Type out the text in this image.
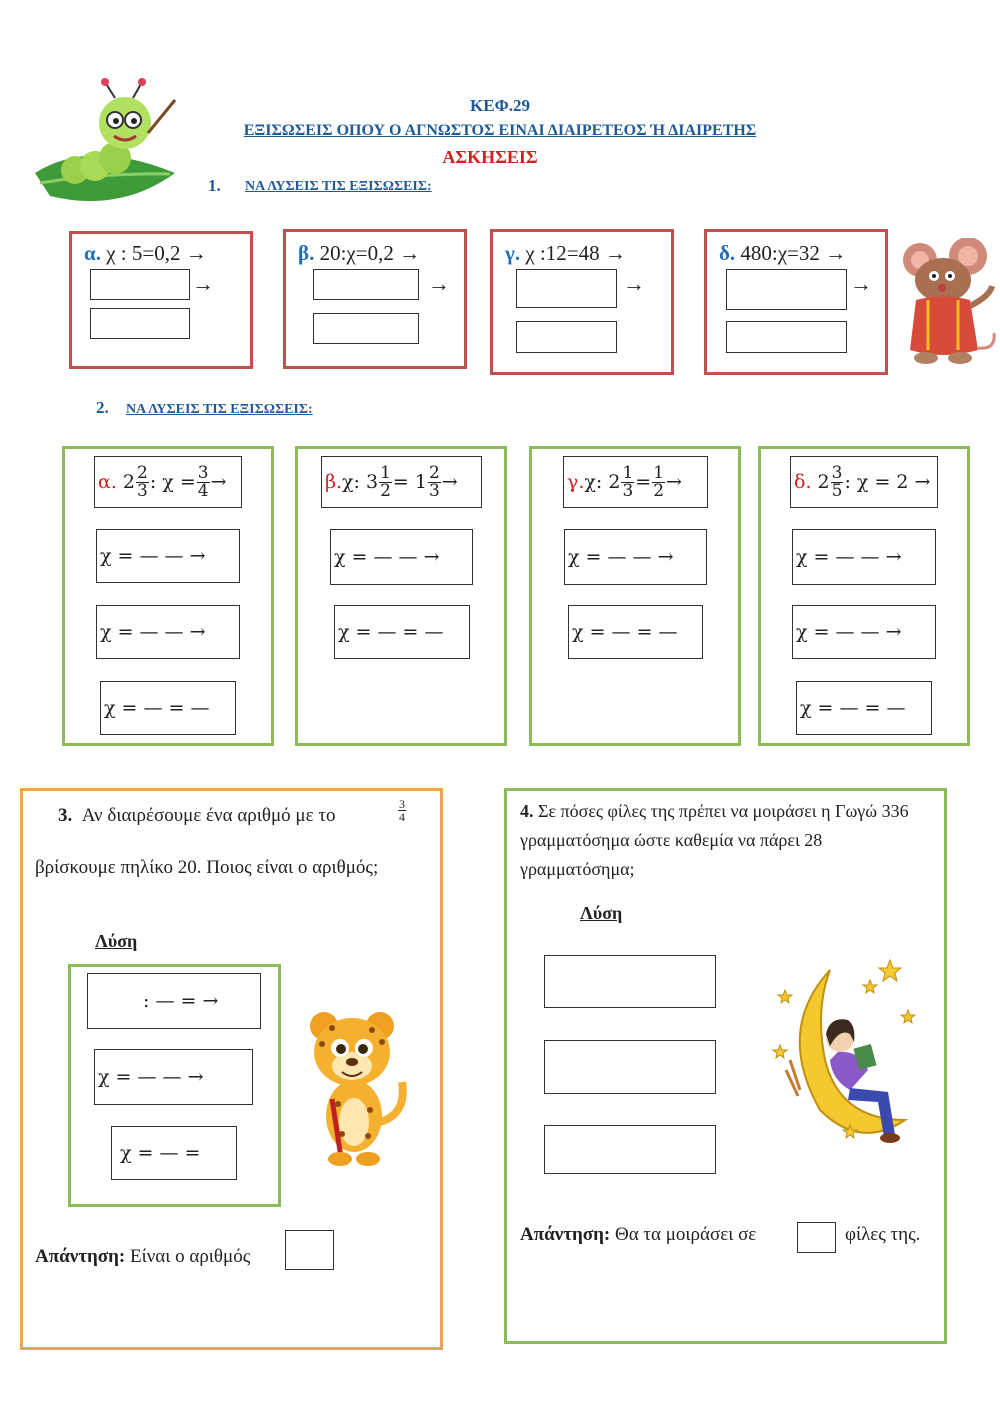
ΚΕΦ.29
ΕΞΙΣΩΣΕΙΣ ΟΠΟΥ Ο ΑΓΝΩΣΤΟΣ ΕΙΝΑΙ ΔΙΑΙΡΕΤΕΟΣ Ή ΔΙΑΙΡΕΤΗΣ
ΑΣΚΗΣΕΙΣ
1. ΝΑ ΛΥΣΕΙΣ ΤΙΣ ΕΞΙΣΩΣΕΙΣ:
α. χ : 5=0,2 →
→
β. 20:χ=0,2 →
→
γ. χ :12=48 →
→
δ. 480:χ=32 →
→
2. ΝΑ ΛΥΣΕΙΣ ΤΙΣ ΕΞΙΣΩΣΕΙΣ:
α.
2 2
3 : $\chi = \frac{3}{4}$ →
χ = — — →
χ = — — →
χ = — = —
β. χ: $3 \frac{1}{2} = 1$ 2
3 →
χ = — — →
χ = — = —
γ. χ: $2 \frac{1}{3} = \frac{1}{2}$ →
χ = — — →
χ = — = —
δ.
2 3
5 : χ = 2 →
χ = — — →
χ = — — →
χ = — = —
3. Αν διαιρέσουμε ένα αριθμό με το
3
4
βρίσκουμε πηλίκο 20. Ποιος είναι ο αριθμός;
Λύση
: — = →
χ = — — →
χ = — =
Απάντηση: Είναι ο αριθμός
4. Σε πόσες φίλες της πρέπει να μοιράσει η Γωγώ 336 γραμματόσημα ώστε καθεμία να πάρει 28 γραμματόσημα;
Λύση
Απάντηση: Θα τα μοιράσει σε	φίλες της.
